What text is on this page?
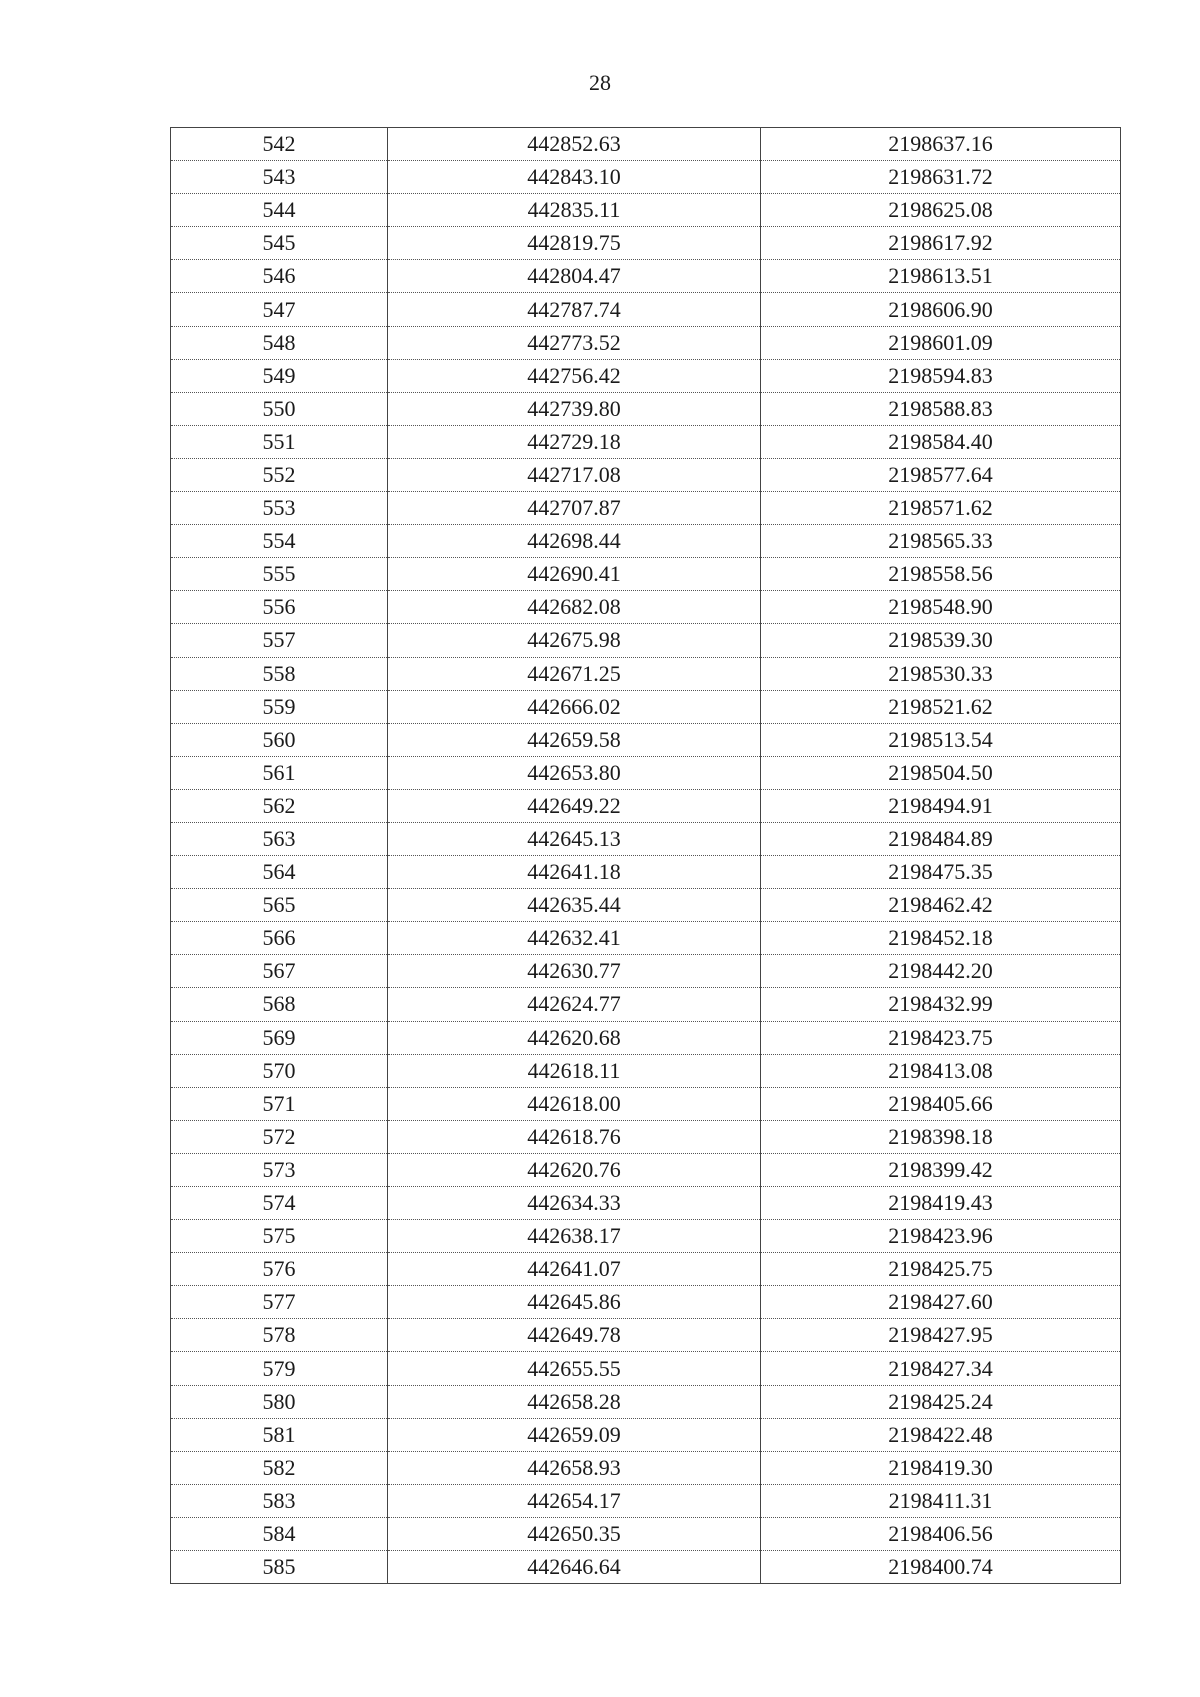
28
542	442852.63	2198637.16
543	442843.10	2198631.72
544	442835.11	2198625.08
545	442819.75	2198617.92
546	442804.47	2198613.51
547	442787.74	2198606.90
548	442773.52	2198601.09
549	442756.42	2198594.83
550	442739.80	2198588.83
551	442729.18	2198584.40
552	442717.08	2198577.64
553	442707.87	2198571.62
554	442698.44	2198565.33
555	442690.41	2198558.56
556	442682.08	2198548.90
557	442675.98	2198539.30
558	442671.25	2198530.33
559	442666.02	2198521.62
560	442659.58	2198513.54
561	442653.80	2198504.50
562	442649.22	2198494.91
563	442645.13	2198484.89
564	442641.18	2198475.35
565	442635.44	2198462.42
566	442632.41	2198452.18
567	442630.77	2198442.20
568	442624.77	2198432.99
569	442620.68	2198423.75
570	442618.11	2198413.08
571	442618.00	2198405.66
572	442618.76	2198398.18
573	442620.76	2198399.42
574	442634.33	2198419.43
575	442638.17	2198423.96
576	442641.07	2198425.75
577	442645.86	2198427.60
578	442649.78	2198427.95
579	442655.55	2198427.34
580	442658.28	2198425.24
581	442659.09	2198422.48
582	442658.93	2198419.30
583	442654.17	2198411.31
584	442650.35	2198406.56
585	442646.64	2198400.74
